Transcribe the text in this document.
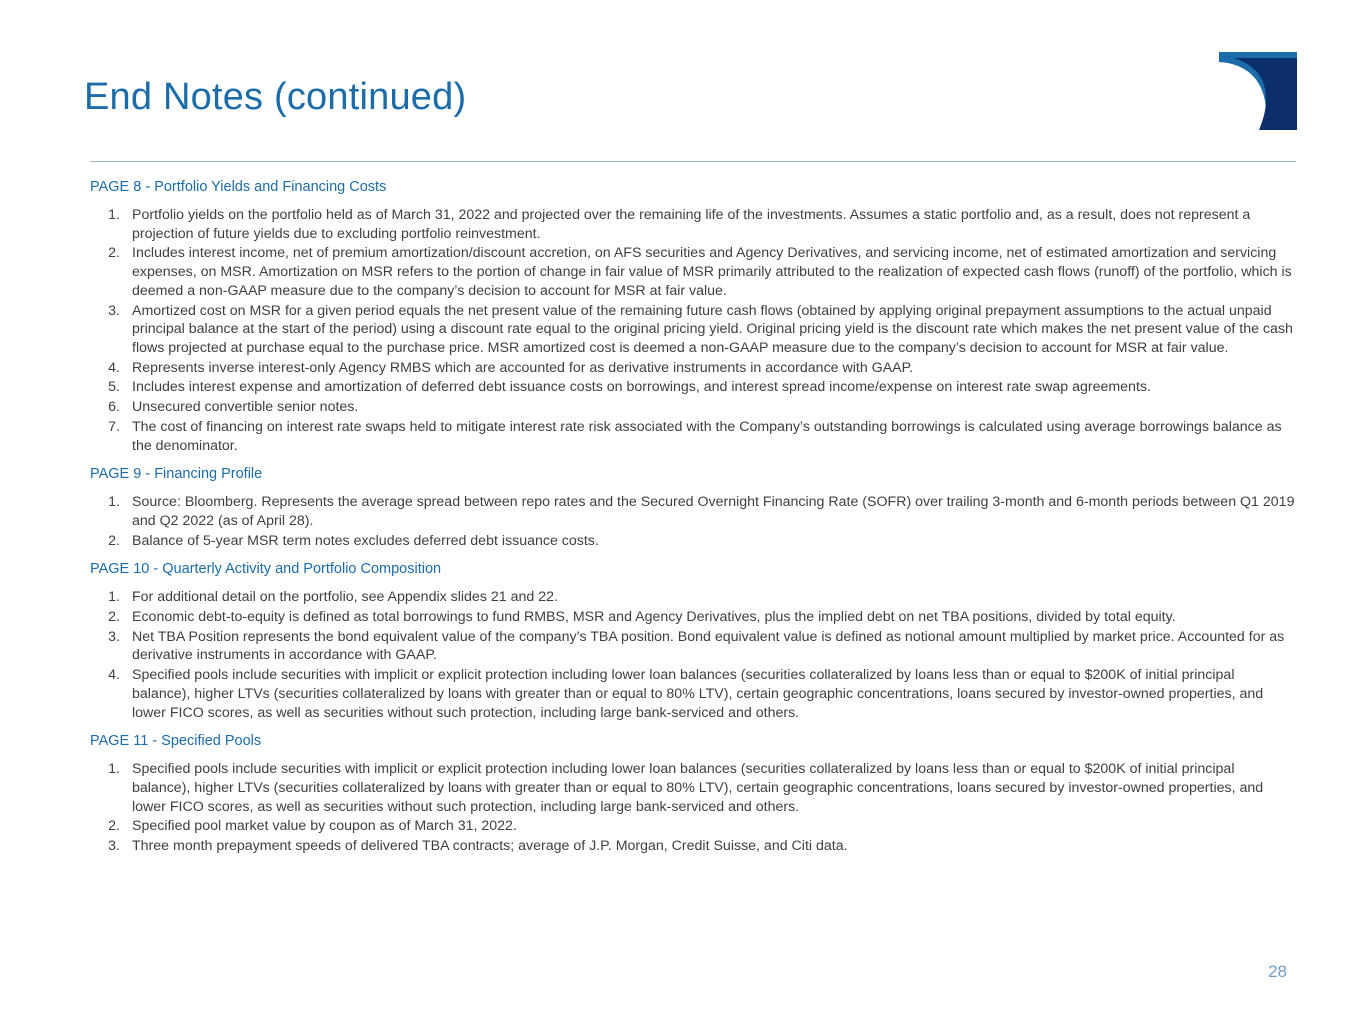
End Notes (continued)
PAGE 8 - Portfolio Yields and Financing Costs
1. Portfolio yields on the portfolio held as of March 31, 2022 and projected over the remaining life of the investments. Assumes a static portfolio and, as a result, does not represent a projection of future yields due to excluding portfolio reinvestment.
2. Includes interest income, net of premium amortization/discount accretion, on AFS securities and Agency Derivatives, and servicing income, net of estimated amortization and servicing expenses, on MSR. Amortization on MSR refers to the portion of change in fair value of MSR primarily attributed to the realization of expected cash flows (runoff) of the portfolio, which is deemed a non-GAAP measure due to the company’s decision to account for MSR at fair value.
3. Amortized cost on MSR for a given period equals the net present value of the remaining future cash flows (obtained by applying original prepayment assumptions to the actual unpaid principal balance at the start of the period) using a discount rate equal to the original pricing yield. Original pricing yield is the discount rate which makes the net present value of the cash flows projected at purchase equal to the purchase price. MSR amortized cost is deemed a non-GAAP measure due to the company’s decision to account for MSR at fair value.
4. Represents inverse interest-only Agency RMBS which are accounted for as derivative instruments in accordance with GAAP.
5. Includes interest expense and amortization of deferred debt issuance costs on borrowings, and interest spread income/expense on interest rate swap agreements.
6. Unsecured convertible senior notes.
7. The cost of financing on interest rate swaps held to mitigate interest rate risk associated with the Company’s outstanding borrowings is calculated using average borrowings balance as the denominator.
PAGE 9 - Financing Profile
1. Source: Bloomberg. Represents the average spread between repo rates and the Secured Overnight Financing Rate (SOFR) over trailing 3-month and 6-month periods between Q1 2019 and Q2 2022 (as of April 28).
2. Balance of 5-year MSR term notes excludes deferred debt issuance costs.
PAGE 10 - Quarterly Activity and Portfolio Composition
1. For additional detail on the portfolio, see Appendix slides 21 and 22.
2. Economic debt-to-equity is defined as total borrowings to fund RMBS, MSR and Agency Derivatives, plus the implied debt on net TBA positions, divided by total equity.
3. Net TBA Position represents the bond equivalent value of the company’s TBA position. Bond equivalent value is defined as notional amount multiplied by market price. Accounted for as derivative instruments in accordance with GAAP.
4. Specified pools include securities with implicit or explicit protection including lower loan balances (securities collateralized by loans less than or equal to $200K of initial principal balance), higher LTVs (securities collateralized by loans with greater than or equal to 80% LTV), certain geographic concentrations, loans secured by investor-owned properties, and lower FICO scores, as well as securities without such protection, including large bank-serviced and others.
PAGE 11 - Specified Pools
1. Specified pools include securities with implicit or explicit protection including lower loan balances (securities collateralized by loans less than or equal to $200K of initial principal balance), higher LTVs (securities collateralized by loans with greater than or equal to 80% LTV), certain geographic concentrations, loans secured by investor-owned properties, and lower FICO scores, as well as securities without such protection, including large bank-serviced and others.
2. Specified pool market value by coupon as of March 31, 2022.
3. Three month prepayment speeds of delivered TBA contracts; average of J.P. Morgan, Credit Suisse, and Citi data.
28
